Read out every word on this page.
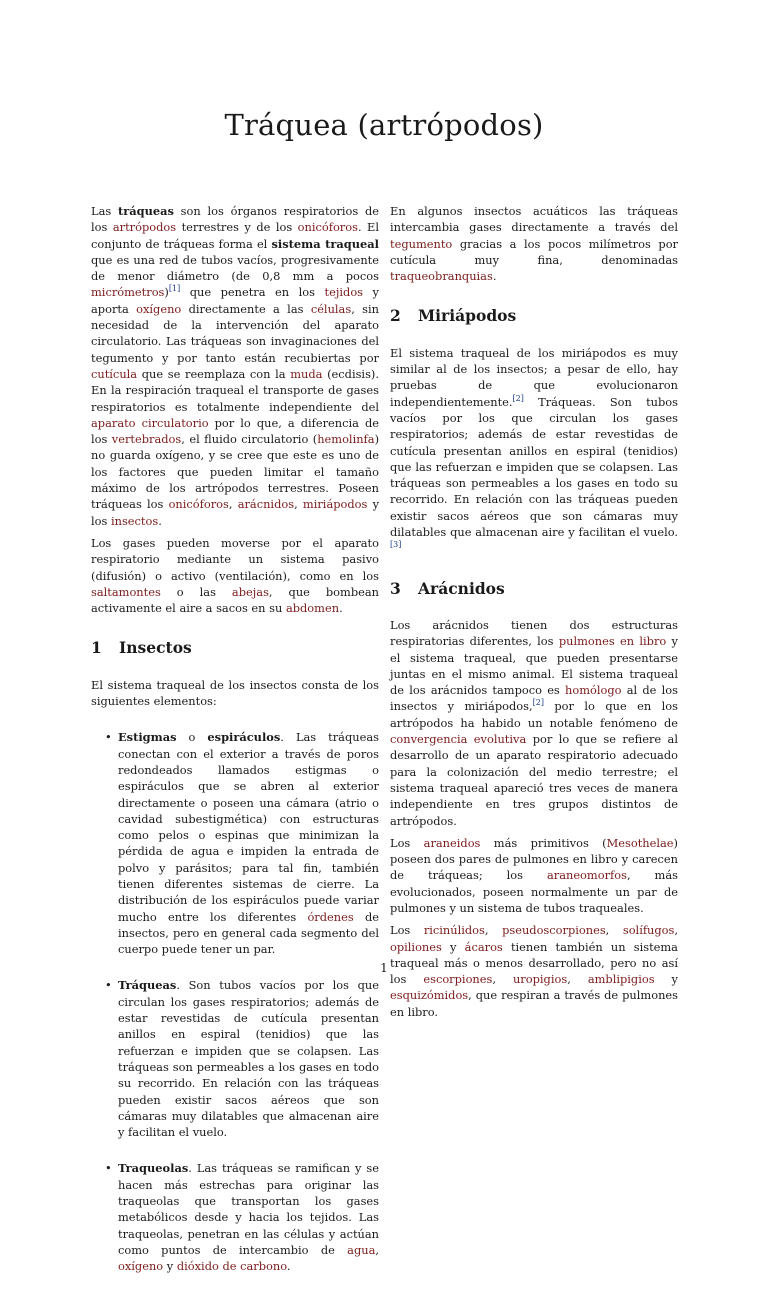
Tráquea (artrópodos)

Las tráqueas son los órganos respiratorios de los artrópodos terrestres y de los onicóforos. El conjunto de tráqueas forma el sistema traqueal que es una red de tubos vacíos, progresivamente de menor diámetro (de 0,8 mm a pocos micrómetros)[1] que penetra en los tejidos y aporta oxígeno directamente a las células, sin necesidad de la intervención del aparato circulatorio. Las tráqueas son invaginaciones del tegumento y por tanto están recubiertas por cutícula que se reemplaza con la muda (ecdisis). En la respiración traqueal el transporte de gases respiratorios es totalmente independiente del aparato circulatorio por lo que, a diferencia de los vertebrados, el fluido circulatorio (hemolinfa) no guarda oxígeno, y se cree que este es uno de los factores que pueden limitar el tamaño máximo de los artrópodos terrestres. Poseen tráqueas los onicóforos, arácnidos, miriápodos y los insectos.

Los gases pueden moverse por el aparato respiratorio mediante un sistema pasivo (difusión) o activo (ventilación), como en los saltamontes o las abejas, que bombean activamente el aire a sacos en su abdomen.

1 Insectos

El sistema traqueal de los insectos consta de los siguientes elementos:

• Estigmas o espiráculos. Las tráqueas conectan con el exterior a través de poros redondeados llamados estigmas o espiráculos que se abren al exterior directamente o poseen una cámara (atrio o cavidad subestigmética) con estructuras como pelos o espinas que minimizan la pérdida de agua e impiden la entrada de polvo y parásitos; para tal fin, también tienen diferentes sistemas de cierre. La distribución de los espiráculos puede variar mucho entre los diferentes órdenes de insectos, pero en general cada segmento del cuerpo puede tener un par.
• Tráqueas. Son tubos vacíos por los que circulan los gases respiratorios; además de estar revestidas de cutícula presentan anillos en espiral (tenidios) que las refuerzan e impiden que se colapsen. Las tráqueas son permeables a los gases en todo su recorrido. En relación con las tráqueas pueden existir sacos aéreos que son cámaras muy dilatables que almacenan aire y facilitan el vuelo.
• Traqueolas. Las tráqueas se ramifican y se hacen más estrechas para originar las traqueolas que transportan los gases metabólicos desde y hacia los tejidos. Las traqueolas, penetran en las células y actúan como puntos de intercambio de agua, oxígeno y dióxido de carbono.

En algunos insectos acuáticos las tráqueas intercambia gases directamente a través del tegumento gracias a los pocos milímetros por cutícula muy fina, denominadas traqueobranquias.

2 Miriápodos

El sistema traqueal de los miriápodos es muy similar al de los insectos; a pesar de ello, hay pruebas de que evolucionaron independientemente.[2] Tráqueas. Son tubos vacíos por los que circulan los gases respiratorios; además de estar revestidas de cutícula presentan anillos en espiral (tenidios) que las refuerzan e impiden que se colapsen. Las tráqueas son permeables a los gases en todo su recorrido. En relación con las tráqueas pueden existir sacos aéreos que son cámaras muy dilatables que almacenan aire y facilitan el vuelo. [3]

3 Arácnidos

Los arácnidos tienen dos estructuras respiratorias diferentes, los pulmones en libro y el sistema traqueal, que pueden presentarse juntas en el mismo animal. El sistema traqueal de los arácnidos tampoco es homólogo al de los insectos y miriápodos,[2] por lo que en los artrópodos ha habido un notable fenómeno de convergencia evolutiva por lo que se refiere al desarrollo de un aparato respiratorio adecuado para la colonización del medio terrestre; el sistema traqueal apareció tres veces de manera independiente en tres grupos distintos de artrópodos.

Los araneidos más primitivos (Mesothelae) poseen dos pares de pulmones en libro y carecen de tráqueas; los araneomorfos, más evolucionados, poseen normalmente un par de pulmones y un sistema de tubos traqueales.

Los ricinúlidos, pseudoscorpiones, solífugos, opiliones y ácaros tienen también un sistema traqueal más o menos desarrollado, pero no así los escorpiones, uropigios, amblipigios y esquizómidos, que respiran a través de pulmones en libro.

1
